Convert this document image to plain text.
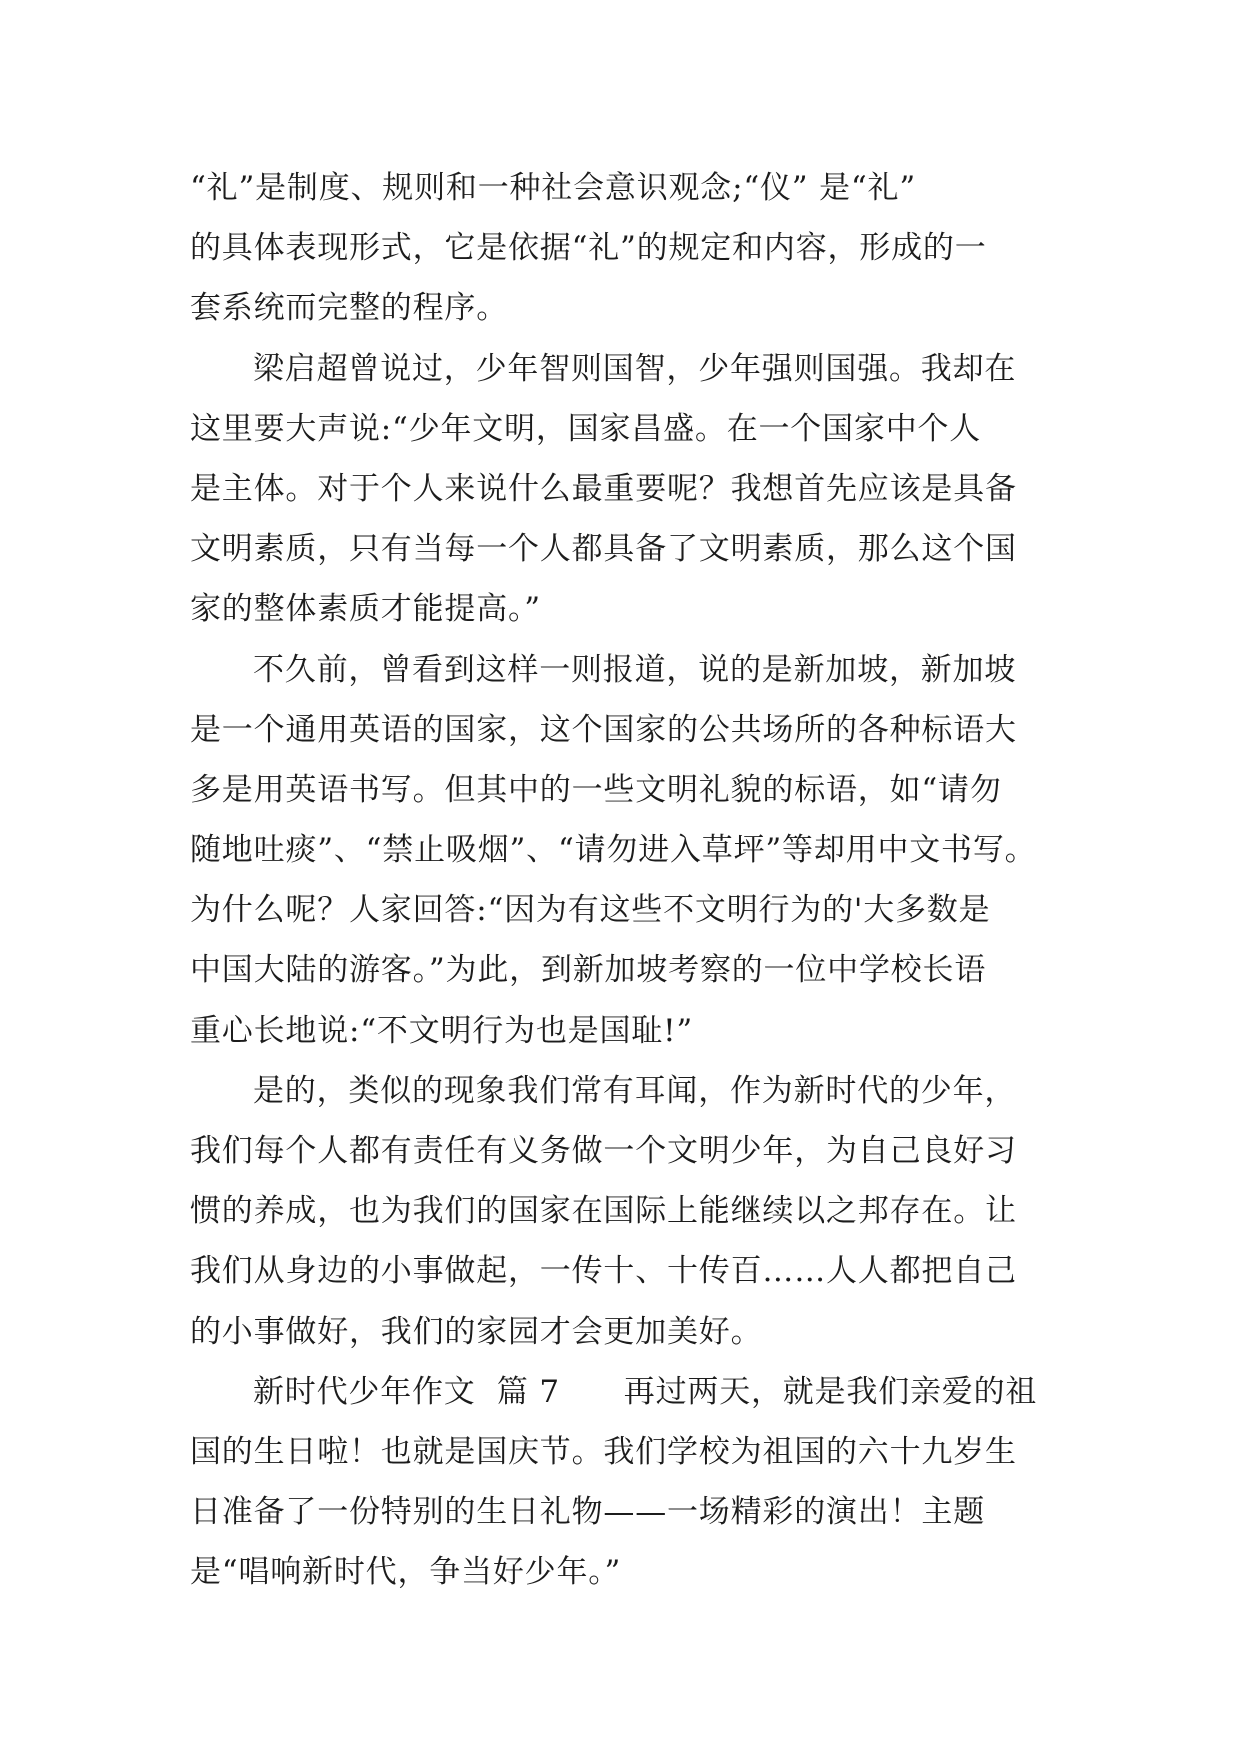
“礼”是制度、规则和一种社会意识观念;“仪” 是“礼”
的具体表现形式，它是依据“礼”的规定和内容，形成的一
套系统而完整的程序。
梁启超曾说过，少年智则国智，少年强则国强。我却在
这里要大声说:“少年文明，国家昌盛。在一个国家中个人
是主体。对于个人来说什么最重要呢？我想首先应该是具备
文明素质，只有当每一个人都具备了文明素质，那么这个国
家的整体素质才能提高。”
不久前，曾看到这样一则报道，说的是新加坡，新加坡
是一个通用英语的国家，这个国家的公共场所的各种标语大
多是用英语书写。但其中的一些文明礼貌的标语，如“请勿
随地吐痰”、“禁止吸烟”、“请勿进入草坪”等却用中文书写。
为什么呢？人家回答:“因为有这些不文明行为的'大多数是
中国大陆的游客。”为此，到新加坡考察的一位中学校长语
重心长地说:“不文明行为也是国耻!”
是的，类似的现象我们常有耳闻，作为新时代的少年，
我们每个人都有责任有义务做一个文明少年，为自己良好习
惯的养成，也为我们的国家在国际上能继续以之邦存在。让
我们从身边的小事做起，一传十、十传百……人人都把自己
的小事做好，我们的家园才会更加美好。
新时代少年作文  篇 7      再过两天，就是我们亲爱的祖
国的生日啦！也就是国庆节。我们学校为祖国的六十九岁生
日准备了一份特别的生日礼物——一场精彩的演出！主题
是“唱响新时代，争当好少年。”
